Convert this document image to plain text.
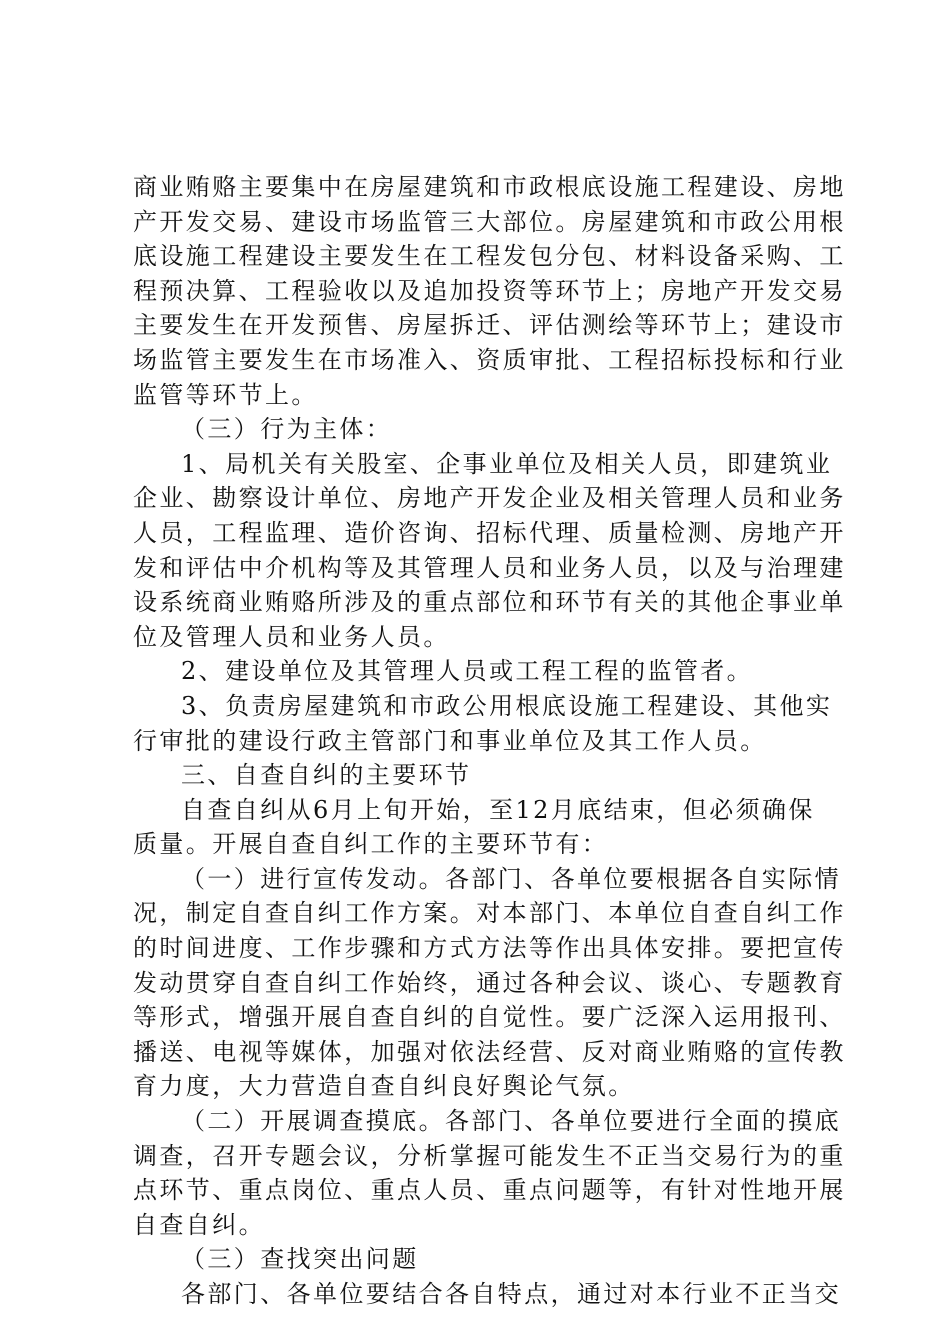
商业贿赂主要集中在房屋建筑和市政根底设施工程建设、房地
产开发交易、建设市场监管三大部位。房屋建筑和市政公用根
底设施工程建设主要发生在工程发包分包、材料设备采购、工
程预决算、工程验收以及追加投资等环节上；房地产开发交易
主要发生在开发预售、房屋拆迁、评估测绘等环节上；建设市
场监管主要发生在市场准入、资质审批、工程招标投标和行业
监管等环节上。
（三）行为主体：
1、局机关有关股室、企事业单位及相关人员，即建筑业
企业、勘察设计单位、房地产开发企业及相关管理人员和业务
人员，工程监理、造价咨询、招标代理、质量检测、房地产开
发和评估中介机构等及其管理人员和业务人员，以及与治理建
设系统商业贿赂所涉及的重点部位和环节有关的其他企事业单
位及管理人员和业务人员。
2、建设单位及其管理人员或工程工程的监管者。
3、负责房屋建筑和市政公用根底设施工程建设、其他实
行审批的建设行政主管部门和事业单位及其工作人员。
三、自查自纠的主要环节
自查自纠从6月上旬开始，至12月底结束，但必须确保
质量。开展自查自纠工作的主要环节有：
（一）进行宣传发动。各部门、各单位要根据各自实际情
况，制定自查自纠工作方案。对本部门、本单位自查自纠工作
的时间进度、工作步骤和方式方法等作出具体安排。要把宣传
发动贯穿自查自纠工作始终，通过各种会议、谈心、专题教育
等形式，增强开展自查自纠的自觉性。要广泛深入运用报刊、
播送、电视等媒体，加强对依法经营、反对商业贿赂的宣传教
育力度，大力营造自查自纠良好舆论气氛。
（二）开展调查摸底。各部门、各单位要进行全面的摸底
调查，召开专题会议，分析掌握可能发生不正当交易行为的重
点环节、重点岗位、重点人员、重点问题等，有针对性地开展
自查自纠。
（三）查找突出问题
各部门、各单位要结合各自特点，通过对本行业不正当交
